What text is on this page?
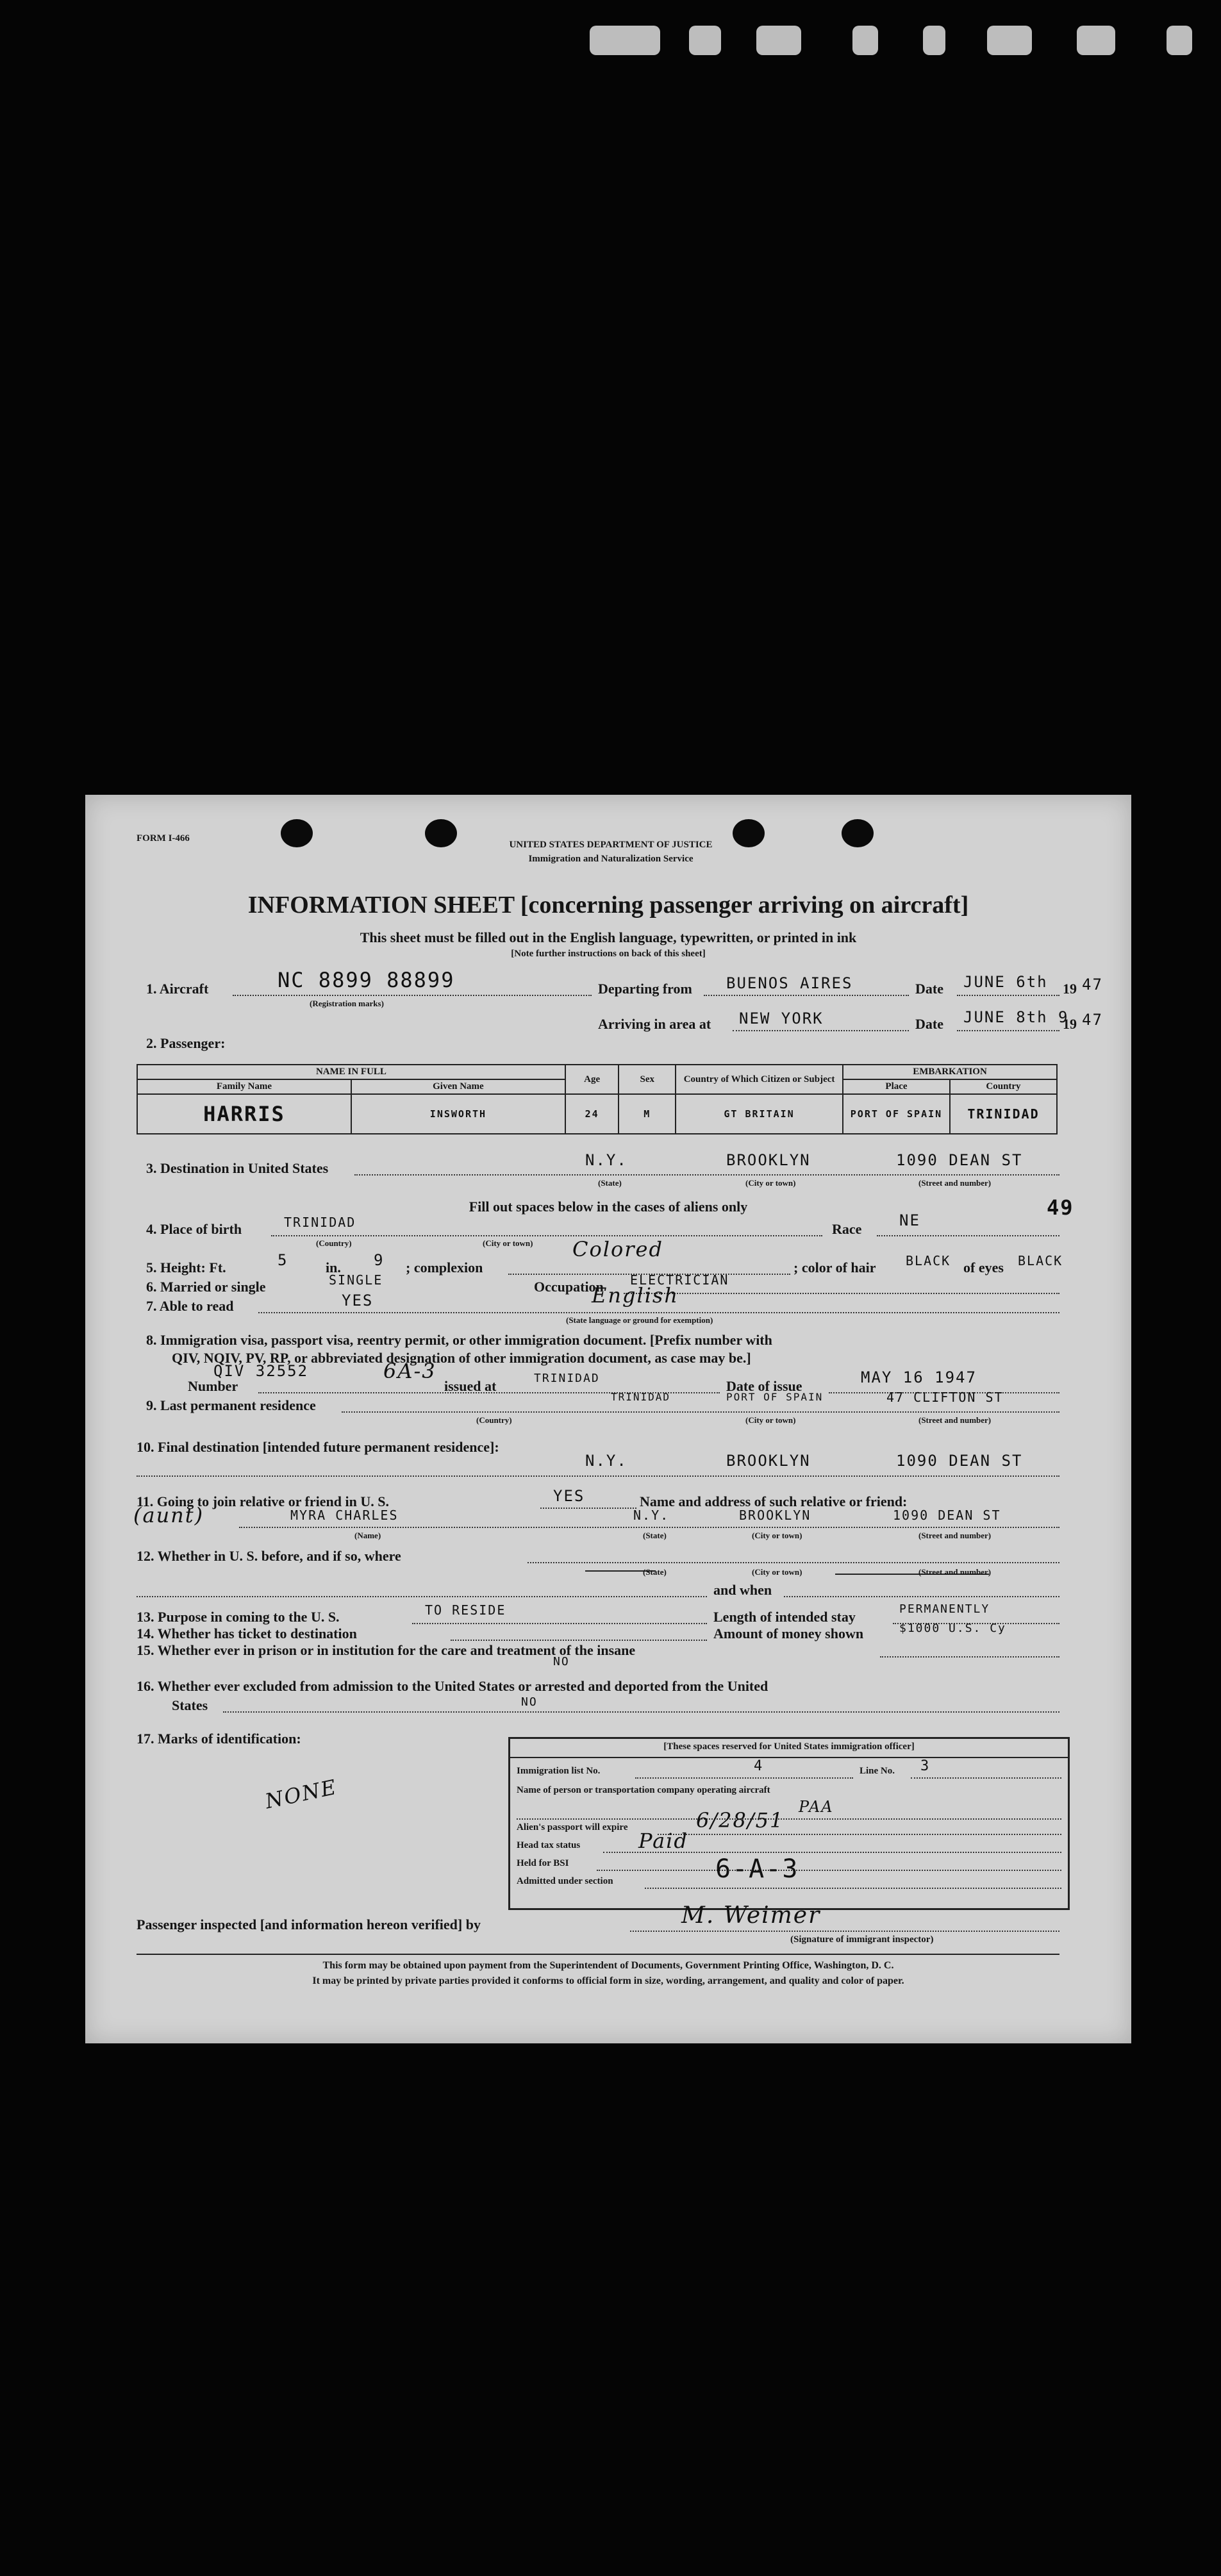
FORM I-466
UNITED STATES DEPARTMENT OF JUSTICE
Immigration and Naturalization Service
INFORMATION SHEET [concerning passenger arriving on aircraft]
This sheet must be filled out in the English language, typewritten, or printed in ink
[Note further instructions on back of this sheet]
1. Aircraft	NC 8899 88899
(Registration marks)
Departing from BUENOS AIRES	Date JUNE 6th 19 47
Arriving in area at NEW YORK	Date JUNE 8th 9
19 47
2. Passenger:
NAME IN FULL		Age	Sex	Country of Which Citizen or Subject	EMBARKATION	
Family Name	Given Name				Place	Country
HARRIS	INSWORTH	24	M	GT BRITAIN	PORT OF SPAIN	TRINIDAD
3. Destination in United States	N.Y.	BROOKLYN	1090 DEAN ST
(State)	(City or town)	(Street and number)
Fill out spaces below in the cases of aliens only	49
4. Place of birth	TRINIDAD
(Country)	(City or town)
Race NE
5. Height: Ft.	5	in. 9 ; complexion
Colored
; color of hair BLACK of eyes BLACK
6. Married or single	SINGLE	Occupation ELECTRICIAN
7. Able to read	YES	English
(State language or ground for exemption)
8. Immigration visa, passport visa, reentry permit, or other immigration document. [Prefix number with
QIV, NQIV, PV, RP, or abbreviated designation of other immigration document, as case may be.]
Number
QIV 32552	6A-3
issued at	TRINIDAD	Date of issue	MAY 16 1947
9. Last permanent residence
TRINIDAD	PORT OF SPAIN	47 CLIFTON ST
(Country)	(City or town)	(Street and number)
10. Final destination [intended future permanent residence]:
N.Y.	BROOKLYN	1090 DEAN ST
11. Going to join relative or friend in U. S.	YES	Name and address of such relative or friend:
(aunt)	MYRA CHARLES	N.Y.	BROOKLYN	1090 DEAN ST
(Name)	(State)	(City or town)	(Street and number)
12. Whether in U. S. before, and if so, where
(State)	(City or town)	(Street and number)
and when
13. Purpose in coming to the U. S.	TO RESIDE	Length of intended stay	PERMANENTLY
14. Whether has ticket to destination	Amount of money shown	$1000 U.S. Cy
15. Whether ever in prison or in institution for the care and treatment of the insane
NO
16. Whether ever excluded from admission to the United States or arrested and deported from the United
States	NO
17. Marks of identification:
NONE
[These spaces reserved for United States immigration officer]
Immigration list No.	4	Line No. 3
Name of person or transportation company operating aircraft
PAA
Alien's passport will expire	6/28/51
Head tax status	Paid
Held for BSI
Admitted under section	6-A-3
Passenger inspected [and information hereon verified] by	M. Weimer
(Signature of immigrant inspector)
This form may be obtained upon payment from the Superintendent of Documents, Government Printing Office, Washington, D. C.
It may be printed by private parties provided it conforms to official form in size, wording, arrangement, and quality and color of paper.
